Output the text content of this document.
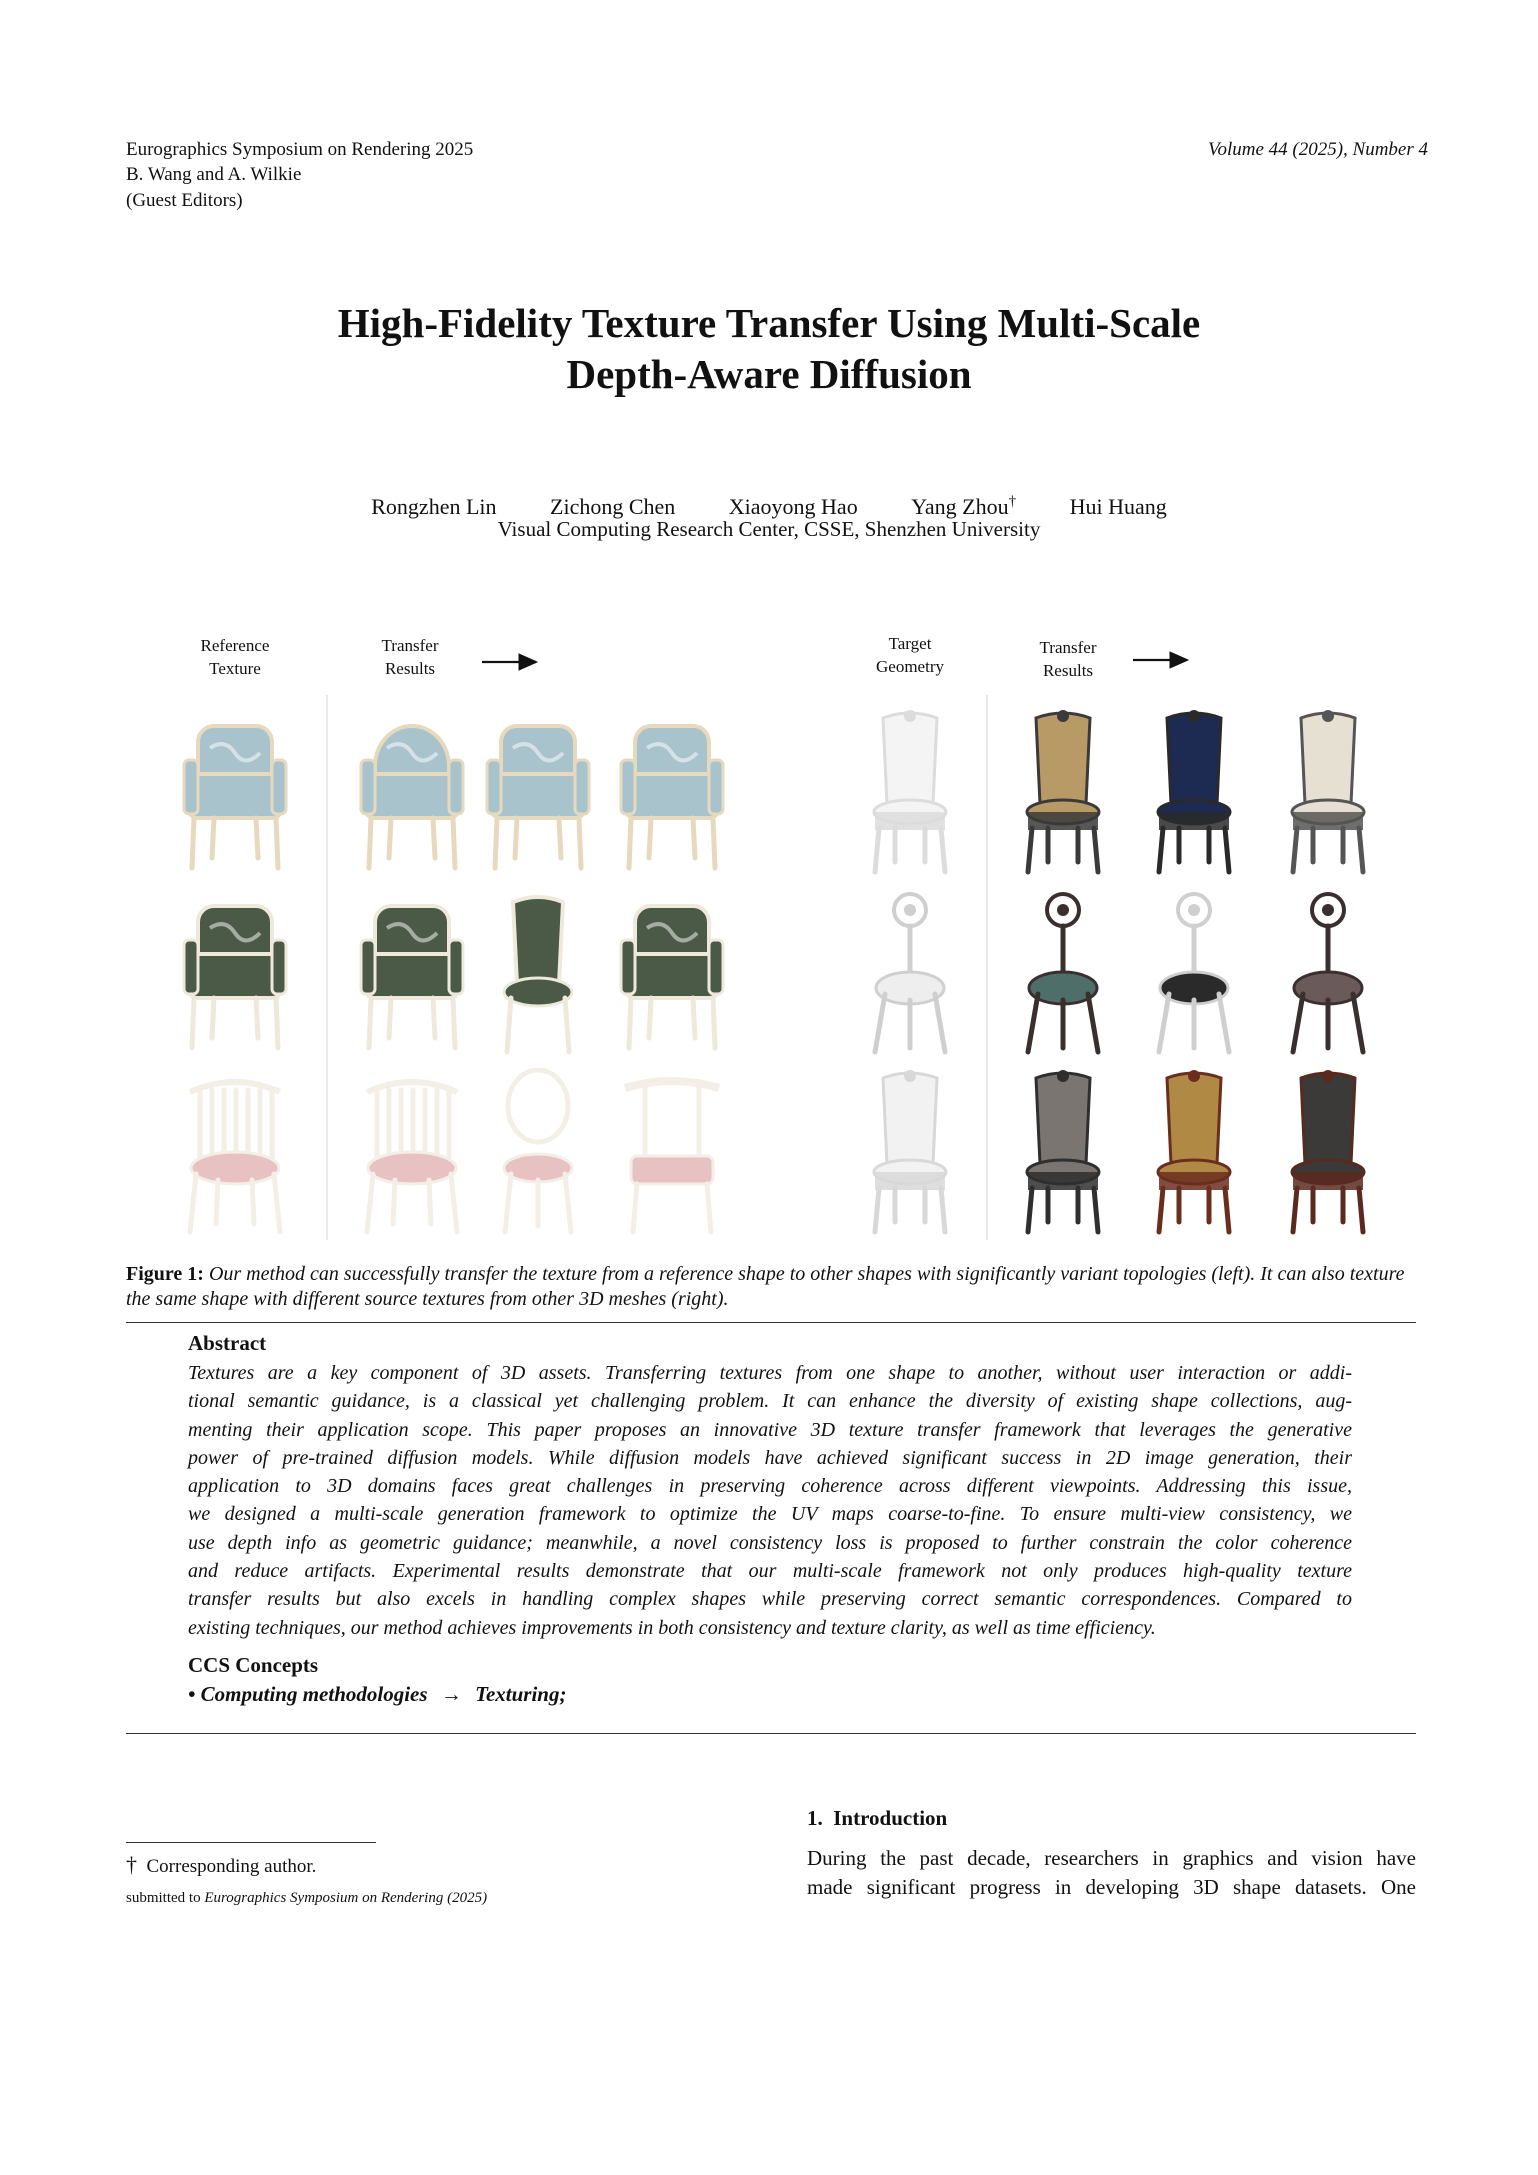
Eurographics Symposium on Rendering 2025
B. Wang and A. Wilkie
(Guest Editors)
Volume 44 (2025), Number 4
High-Fidelity Texture Transfer Using Multi-Scale
Depth-Aware Diffusion
Rongzhen Lin Zichong Chen Xiaoyong Hao Yang Zhou† Hui Huang
Visual Computing Research Center, CSSE, Shenzhen University
Reference
Texture
Transfer
Results
Target
Geometry
Transfer
Results
Figure 1: Our method can successfully transfer the texture from a reference shape to other shapes with significantly variant topologies (left). It can also texture the same shape with different source textures from other 3D meshes (right).
Abstract
Textures are a key component of 3D assets. Transferring textures from one shape to another, without user interaction or addi-
tional semantic guidance, is a classical yet challenging problem. It can enhance the diversity of existing shape collections, aug-
menting their application scope. This paper proposes an innovative 3D texture transfer framework that leverages the generative
power of pre-trained diffusion models. While diffusion models have achieved significant success in 2D image generation, their
application to 3D domains faces great challenges in preserving coherence across different viewpoints. Addressing this issue,
we designed a multi-scale generation framework to optimize the UV maps coarse-to-fine. To ensure multi-view consistency, we
use depth info as geometric guidance; meanwhile, a novel consistency loss is proposed to further constrain the color coherence
and reduce artifacts. Experimental results demonstrate that our multi-scale framework not only produces high-quality texture
transfer results but also excels in handling complex shapes while preserving correct semantic correspondences. Compared to
existing techniques, our method achieves improvements in both consistency and texture clarity, as well as time efficiency.
CCS Concepts
• Computing methodologies → Texturing;
1. Introduction
During the past decade, researchers in graphics and vision have
made significant progress in developing 3D shape datasets. One
† Corresponding author.
submitted to Eurographics Symposium on Rendering (2025)
